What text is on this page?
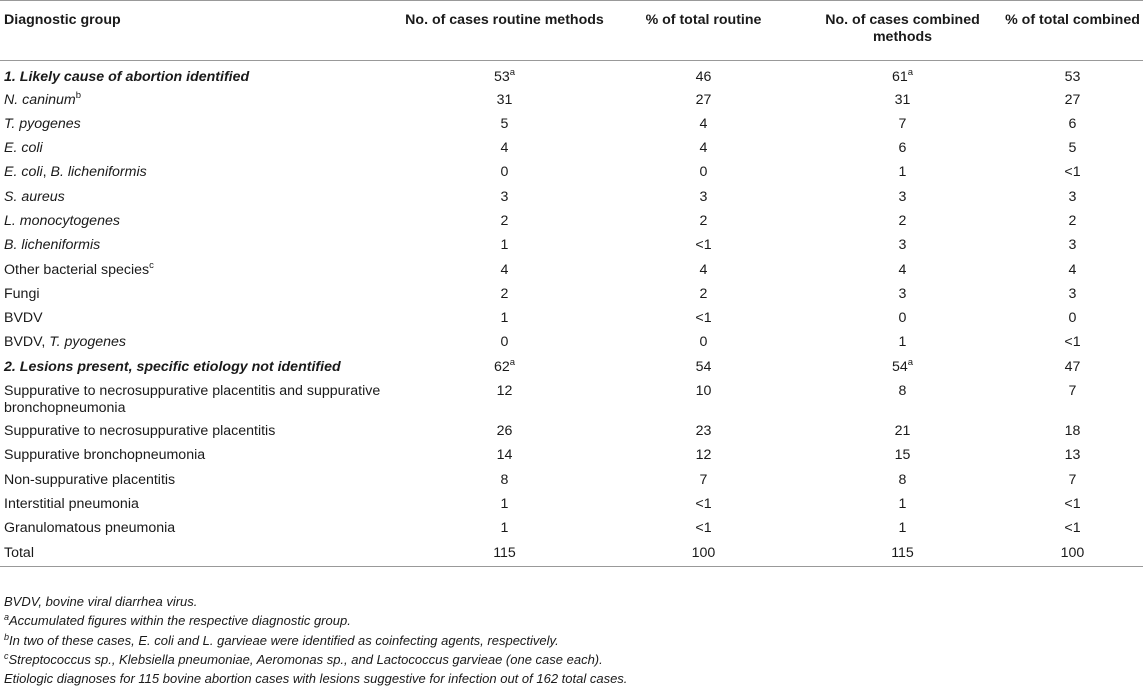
Diagnostic group	No. of cases routine methods	% of total routine	No. of cases combined methods	% of total combined
1. Likely cause of abortion identified	53$^a$	46	61$^a$	53
N. caninum$^b$	31	27	31	27
T. pyogenes	5	4	7	6
E. coli	4	4	6	5
E. coli, B. licheniformis	0	0	1	<1
S. aureus	3	3	3	3
L. monocytogenes	2	2	2	2
B. licheniformis	1	<1	3	3
Other bacterial species$^c$	4	4	4	4
Fungi	2	2	3	3
BVDV	1	<1	0	0
BVDV, T. pyogenes	0	0	1	<1
2. Lesions present, specific etiology not identified	62$^a$	54	54$^a$	47
Suppurative to necrosuppurative placentitis and suppurative bronchopneumonia	12	10	8	7
Suppurative to necrosuppurative placentitis	26	23	21	18
Suppurative bronchopneumonia	14	12	15	13
Non-suppurative placentitis	8	7	8	7
Interstitial pneumonia	1	<1	1	<1
Granulomatous pneumonia	1	<1	1	<1
Total	115	100	115	100

BVDV, bovine viral diarrhea virus.

$^a$Accumulated figures within the respective diagnostic group.

$^b$In two of these cases, E. coli and L. garvieae were identified as coinfecting agents, respectively.

$^c$Streptococcus sp., Klebsiella pneumoniae, Aeromonas sp., and Lactococcus garvieae (one case each).

Etiologic diagnoses for 115 bovine abortion cases with lesions suggestive for infection out of 162 total cases.
